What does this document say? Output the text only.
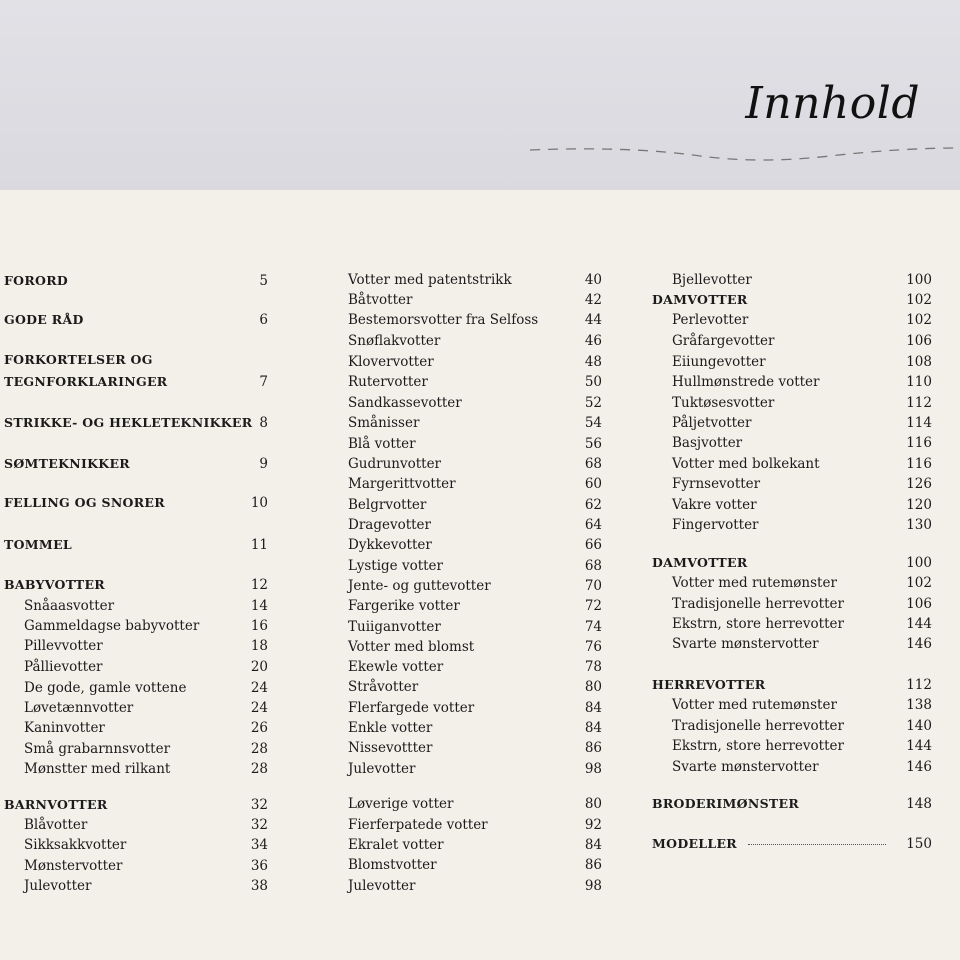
Innhold
FORORD	5
GODE RÅD	6
FORKORTELSER OG
TEGNFORKLARINGER	7
STRIKKE- OG HEKLETEKNIKKER 8
SØMTEKNIKKER	9
FELLING OG SNORER	10
TOMMEL	11
BABYVOTTER	12
Snåaasvotter	14
Gammeldagse babyvotter	16
Pillevvotter	18
Pållievotter	20
De gode, gamle vottene	24
Løvetænnvotter	24
Kaninvotter	26
Små grabarnnsvotter	28
Mønstter med rilkant	28
BARNVOTTER	32
Blåvotter	32
Sikksakkvotter	34
Mønstervotter	36
Julevotter	38
Votter med patentstrikk	40
Båtvotter	42
Bestemorsvotter fra Selfoss	44
Snøflakvotter	46
Klovervotter	48
Rutervotter	50
Sandkassevotter	52
Smånisser	54
Blå votter	56
Gudrunvotter	68
Margerittvotter	60
Belgrvotter	62
Dragevotter	64
Dykkevotter	66
Lystige votter	68
Jente- og guttevotter	70
Fargerike votter	72
Tuiiganvotter	74
Votter med blomst	76
Ekewle votter	78
Stråvotter	80
Flerfargede votter	84
Enkle votter	84
Nissevottter	86
Julevotter	98
Løverige votter	80
Fierferpatede votter	92
Ekralet votter	84
Blomstvotter	86
Julevotter	98
Bjellevotter	100
DAMVOTTER	102
Perlevotter	102
Gråfargevotter	106
Eiiungevotter	108
Hullmønstrede votter	110
Tuktøsesvotter	112
Påljetvotter	114
Basjvotter	116
Votter med bolkekant	116
Fyrnsevotter	126
Vakre votter	120
Fingervotter	130
DAMVOTTER	100
Votter med rutemønster	102
Tradisjonelle herrevotter	106
Ekstrn, store herrevotter	144
Svarte mønstervotter	146
HERREVOTTER	112
Votter med rutemønster	138
Tradisjonelle herrevotter	140
Ekstrn, store herrevotter	144
Svarte mønstervotter	146
BRODERIMØNSTER	148
MODELLER	150
